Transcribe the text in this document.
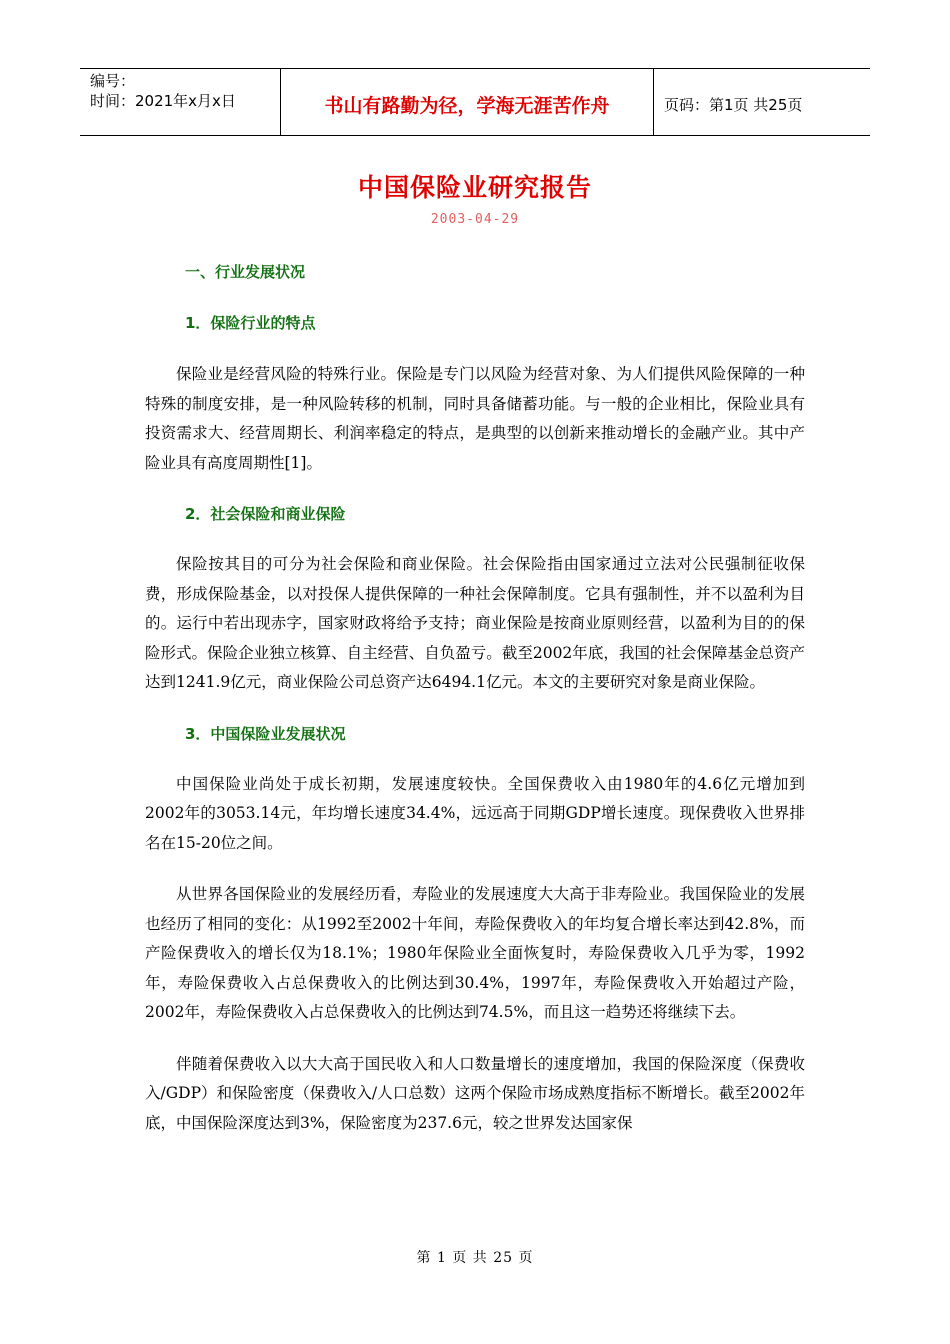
编号：
时间：2021年x月x日	书山有路勤为径，学海无涯苦作舟	页码：第1页 共25页
中国保险业研究报告
2003-04-29
一、行业发展状况
1．保险行业的特点

保险业是经营风险的特殊行业。保险是专门以风险为经营对象、为人们提供风险保障的一种特殊的制度安排，是一种风险转移的机制，同时具备储蓄功能。与一般的企业相比，保险业具有投资需求大、经营周期长、利润率稳定的特点，是典型的以创新来推动增长的金融产业。其中产险业具有高度周期性[1]。

2．社会保险和商业保险

保险按其目的可分为社会保险和商业保险。社会保险指由国家通过立法对公民强制征收保费，形成保险基金，以对投保人提供保障的一种社会保障制度。它具有强制性，并不以盈利为目的。运行中若出现赤字，国家财政将给予支持；商业保险是按商业原则经营，以盈利为目的的保险形式。保险企业独立核算、自主经营、自负盈亏。截至2002年底，我国的社会保障基金总资产达到1241.9亿元，商业保险公司总资产达6494.1亿元。本文的主要研究对象是商业保险。

3．中国保险业发展状况

中国保险业尚处于成长初期，发展速度较快。全国保费收入由1980年的4.6亿元增加到2002年的3053.14元，年均增长速度34.4%，远远高于同期GDP增长速度。现保费收入世界排名在15-20位之间。

从世界各国保险业的发展经历看，寿险业的发展速度大大高于非寿险业。我国保险业的发展也经历了相同的变化：从1992至2002十年间，寿险保费收入的年均复合增长率达到42.8%，而产险保费收入的增长仅为18.1%；1980年保险业全面恢复时，寿险保费收入几乎为零，1992年，寿险保费收入占总保费收入的比例达到30.4%，1997年，寿险保费收入开始超过产险，2002年，寿险保费收入占总保费收入的比例达到74.5%，而且这一趋势还将继续下去。

伴随着保费收入以大大高于国民收入和人口数量增长的速度增加，我国的保险深度（保费收入/GDP）和保险密度（保费收入/人口总数）这两个保险市场成熟度指标不断增长。截至2002年底，中国保险深度达到3%，保险密度为237.6元，较之世界发达国家保

第 1 页 共 25 页
